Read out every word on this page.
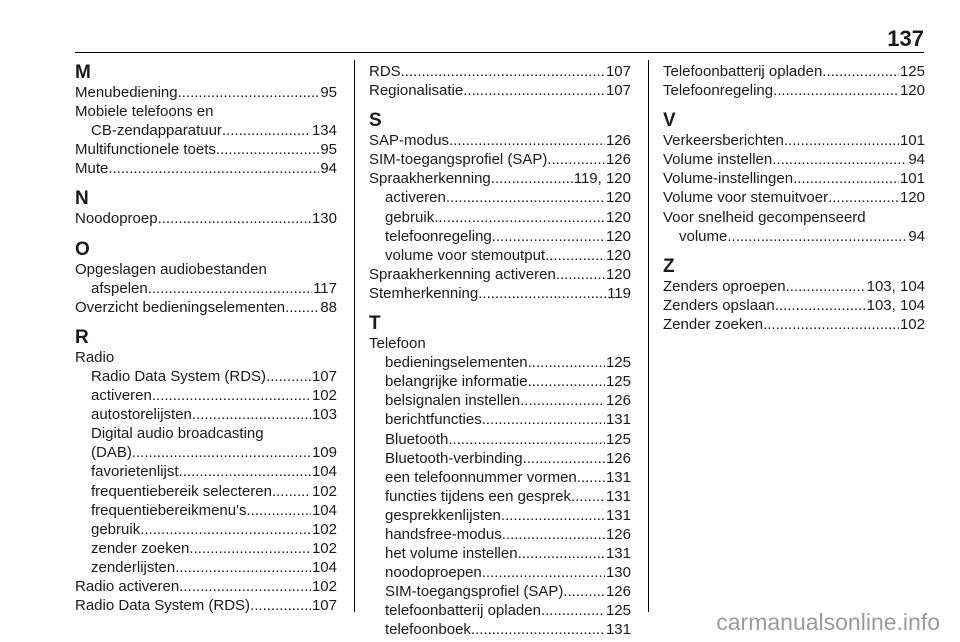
137
M
Menubediening .....	95
Mobiele telefoons en
CB-zendapparatuur .....	134
Multifunctionele toets .....	95
Mute .....	94
N
Noodoproep .....	130
O
Opgeslagen audiobestanden
afspelen .....	117
Overzicht bedieningselementen ..... 88
R
Radio
Radio Data System (RDS) .....	107
activeren .....	102
autostorelijsten .....	103
Digital audio broadcasting
(DAB) .....	109
favorietenlijst .....	104
frequentiebereik selecteren .....	102
frequentiebereikmenu's .....	104
gebruik .....	102
zender zoeken .....	102
zenderlijsten .....	104
Radio activeren .....	102
Radio Data System (RDS) .....	107
RDS .....	107
Regionalisatie .....	107
S
SAP-modus .....	126
SIM-toegangsprofiel (SAP) .....	126
Spraakherkenning .....	119, 120
activeren .....	120
gebruik .....	120
telefoonregeling .....	120
volume voor stemoutput .....	120
Spraakherkenning activeren .....	120
Stemherkenning .....	119
T
Telefoon
bedieningselementen .....	125
belangrijke informatie .....	125
belsignalen instellen .....	126
berichtfuncties .....	131
Bluetooth .....	125
Bluetooth-verbinding .....	126
een telefoonnummer vormen ..... 131
functies tijdens een gesprek ..... 131
gesprekkenlijsten .....	131
handsfree-modus .....	126
het volume instellen .....	131
noodoproepen .....	130
SIM-toegangsprofiel (SAP) .....	126
telefoonbatterij opladen .....	125
telefoonboek .....	131
Telefoonbatterij opladen .....	125
Telefoonregeling .....	120
V
Verkeersberichten .....	101
Volume instellen .....	94
Volume-instellingen .....	101
Volume voor stemuitvoer .....	120
Voor snelheid gecompenseerd
volume .....	94
Z
Zenders oproepen .....	103, 104
Zenders opslaan .....	103, 104
Zender zoeken .....	102
carmanualsonline.info
